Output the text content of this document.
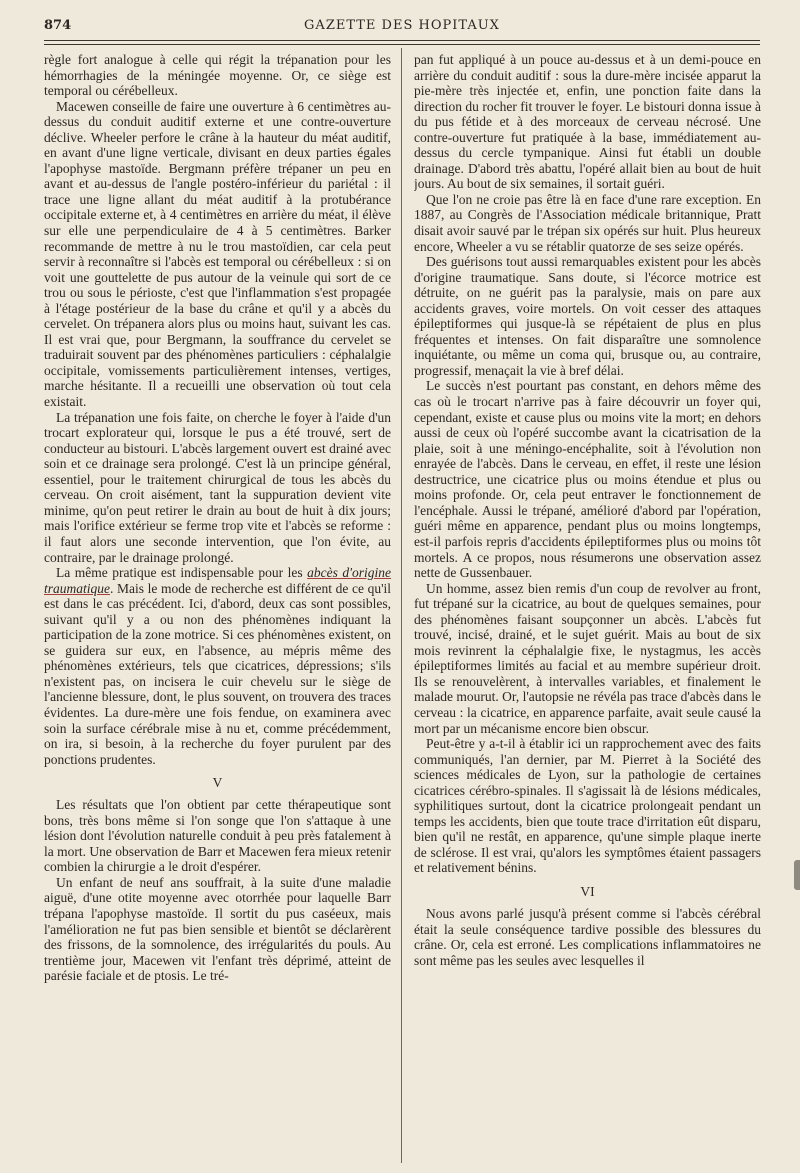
874	GAZETTE DES HOPITAUX

règle fort analogue à celle qui régit la trépanation pour les hémorrhagies de la méningée moyenne. Or, ce siège est temporal ou cérébelleux.

Macewen conseille de faire une ouverture à 6 centimètres au-dessus du conduit auditif externe et une contre-ouverture déclive. Wheeler perfore le crâne à la hauteur du méat auditif, en avant d'une ligne verticale, divisant en deux parties égales l'apophyse mastoïde. Bergmann préfère trépaner un peu en avant et au-dessus de l'angle postéro-inférieur du pariétal : il trace une ligne allant du méat auditif à la protubérance occipitale externe et, à 4 centimètres en arrière du méat, il élève sur elle une perpendiculaire de 4 à 5 centimètres. Barker recommande de mettre à nu le trou mastoïdien, car cela peut servir à reconnaître si l'abcès est temporal ou cérébelleux : si on voit une gouttelette de pus autour de la veinule qui sort de ce trou ou sous le périoste, c'est que l'inflammation s'est propagée à l'étage postérieur de la base du crâne et qu'il y a abcès du cervelet. On trépanera alors plus ou moins haut, suivant les cas. Il est vrai que, pour Bergmann, la souffrance du cervelet se traduirait souvent par des phénomènes particuliers : céphalalgie occipitale, vomissements particulièrement intenses, vertiges, marche hésitante. Il a recueilli une observation où tout cela existait.

La trépanation une fois faite, on cherche le foyer à l'aide d'un trocart explorateur qui, lorsque le pus a été trouvé, sert de conducteur au bistouri. L'abcès largement ouvert est drainé avec soin et ce drainage sera prolongé. C'est là un principe général, essentiel, pour le traitement chirurgical de tous les abcès du cerveau. On croit aisément, tant la suppuration devient vite minime, qu'on peut retirer le drain au bout de huit à dix jours; mais l'orifice extérieur se ferme trop vite et l'abcès se reforme : il faut alors une seconde intervention, que l'on évite, au contraire, par le drainage prolongé.

La même pratique est indispensable pour les abcès d'origine traumatique. Mais le mode de recherche est différent de ce qu'il est dans le cas précédent. Ici, d'abord, deux cas sont possibles, suivant qu'il y a ou non des phénomènes indiquant la participation de la zone motrice. Si ces phénomènes existent, on se guidera sur eux, en l'absence, au mépris même des phénomènes extérieurs, tels que cicatrices, dépressions; s'ils n'existent pas, on incisera le cuir chevelu sur le siège de l'ancienne blessure, dont, le plus souvent, on trouvera des traces évidentes. La dure-mère une fois fendue, on examinera avec soin la surface cérébrale mise à nu et, comme précédemment, on ira, si besoin, à la recherche du foyer purulent par des ponctions prudentes.

V

Les résultats que l'on obtient par cette thérapeutique sont bons, très bons même si l'on songe que l'on s'attaque à une lésion dont l'évolution naturelle conduit à peu près fatalement à la mort. Une observation de Barr et Macewen fera mieux retenir combien la chirurgie a le droit d'espérer.

Un enfant de neuf ans souffrait, à la suite d'une maladie aiguë, d'une otite moyenne avec otorrhée pour laquelle Barr trépana l'apophyse mastoïde. Il sortit du pus caséeux, mais l'amélioration ne fut pas bien sensible et bientôt se déclarèrent des frissons, de la somnolence, des irrégularités du pouls. Au trentième jour, Macewen vit l'enfant très déprimé, atteint de parésie faciale et de ptosis. Le tré-

pan fut appliqué à un pouce au-dessus et à un demi-pouce en arrière du conduit auditif : sous la dure-mère incisée apparut la pie-mère très injectée et, enfin, une ponction faite dans la direction du rocher fit trouver le foyer. Le bistouri donna issue à du pus fétide et à des morceaux de cerveau nécrosé. Une contre-ouverture fut pratiquée à la base, immédiatement au-dessus du cercle tympanique. Ainsi fut établi un double drainage. D'abord très abattu, l'opéré allait bien au bout de huit jours. Au bout de six semaines, il sortait guéri.

Que l'on ne croie pas être là en face d'une rare exception. En 1887, au Congrès de l'Association médicale britannique, Pratt disait avoir sauvé par le trépan six opérés sur huit. Plus heureux encore, Wheeler a vu se rétablir quatorze de ses seize opérés.

Des guérisons tout aussi remarquables existent pour les abcès d'origine traumatique. Sans doute, si l'écorce motrice est détruite, on ne guérit pas la paralysie, mais on pare aux accidents graves, voire mortels. On voit cesser des attaques épileptiformes qui jusque-là se répétaient de plus en plus fréquentes et intenses. On fait disparaître une somnolence inquiétante, ou même un coma qui, brusque ou, au contraire, progressif, menaçait la vie à bref délai.

Le succès n'est pourtant pas constant, en dehors même des cas où le trocart n'arrive pas à faire découvrir un foyer qui, cependant, existe et cause plus ou moins vite la mort; en dehors aussi de ceux où l'opéré succombe avant la cicatrisation de la plaie, soit à une méningo-encéphalite, soit à l'évolution non enrayée de l'abcès. Dans le cerveau, en effet, il reste une lésion destructrice, une cicatrice plus ou moins étendue et plus ou moins profonde. Or, cela peut entraver le fonctionnement de l'encéphale. Aussi le trépané, amélioré d'abord par l'opération, guéri même en apparence, pendant plus ou moins longtemps, est-il parfois repris d'accidents épileptiformes plus ou moins tôt mortels. A ce propos, nous résumerons une observation assez nette de Gussenbauer.

Un homme, assez bien remis d'un coup de revolver au front, fut trépané sur la cicatrice, au bout de quelques semaines, pour des phénomènes faisant soupçonner un abcès. L'abcès fut trouvé, incisé, drainé, et le sujet guérit. Mais au bout de six mois revinrent la céphalalgie fixe, le nystagmus, les accès épileptiformes limités au facial et au membre supérieur droit. Ils se renouvelèrent, à intervalles variables, et finalement le malade mourut. Or, l'autopsie ne révéla pas trace d'abcès dans le cerveau : la cicatrice, en apparence parfaite, avait seule causé la mort par un mécanisme encore bien obscur.

Peut-être y a-t-il à établir ici un rapprochement avec des faits communiqués, l'an dernier, par M. Pierret à la Société des sciences médicales de Lyon, sur la pathologie de certaines cicatrices cérébro-spinales. Il s'agissait là de lésions médicales, syphilitiques surtout, dont la cicatrice prolongeait pendant un temps les accidents, bien que toute trace d'irritation eût disparu, bien qu'il ne restât, en apparence, qu'une simple plaque inerte de sclérose. Il est vrai, qu'alors les symptômes étaient passagers et relativement bénins.

VI

Nous avons parlé jusqu'à présent comme si l'abcès cérébral était la seule conséquence tardive possible des blessures du crâne. Or, cela est erroné. Les complications inflammatoires ne sont même pas les seules avec lesquelles il
